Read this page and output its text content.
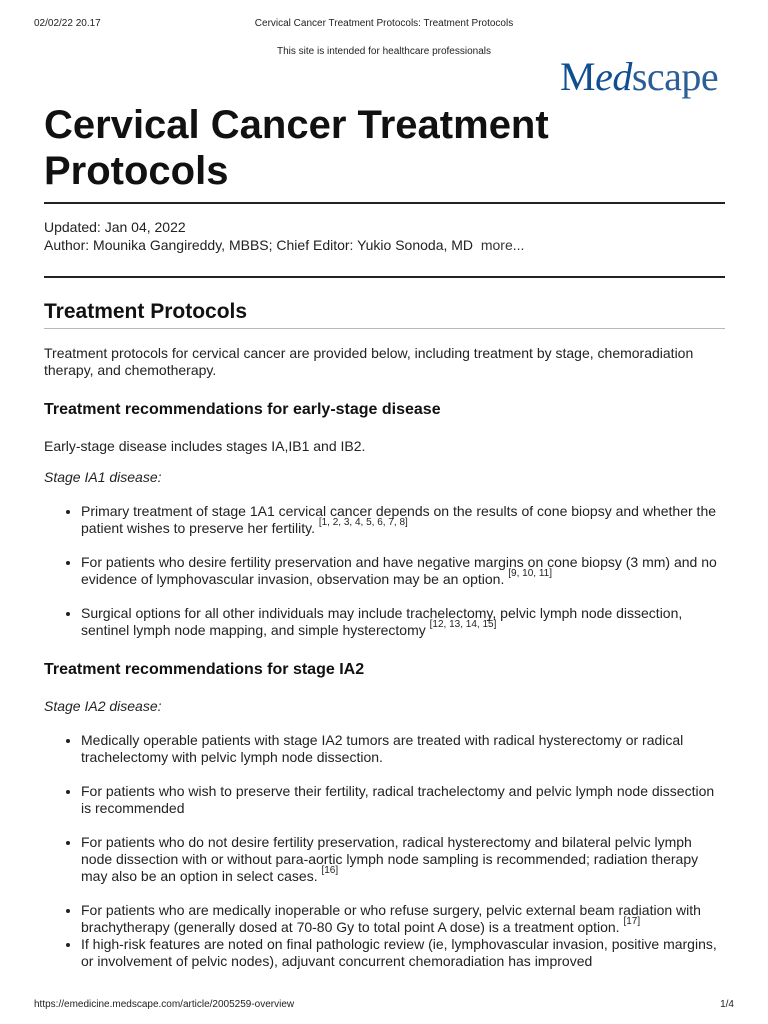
02/02/22 20.17	Cervical Cancer Treatment Protocols: Treatment Protocols
This site is intended for healthcare professionals
Medscape
Cervical Cancer Treatment Protocols
Updated: Jan 04, 2022
Author: Mounika Gangireddy, MBBS; Chief Editor: Yukio Sonoda, MD more...
Treatment Protocols

Treatment protocols for cervical cancer are provided below, including treatment by stage, chemoradiation therapy, and chemotherapy.

Treatment recommendations for early-stage disease

Early-stage disease includes stages IA,IB1 and IB2.

Stage IA1 disease:

• Primary treatment of stage 1A1 cervical cancer depends on the results of cone biopsy and whether the patient wishes to preserve her fertility. [1, 2, 3, 4, 5, 6, 7, 8]
• For patients who desire fertility preservation and have negative margins on cone biopsy (3 mm) and no evidence of lymphovascular invasion, observation may be an option. [9, 10, 11]
• Surgical options for all other individuals may include trachelectomy, pelvic lymph node dissection, sentinel lymph node mapping, and simple hysterectomy [12, 13, 14, 15]
Treatment recommendations for stage IA2

Stage IA2 disease:

• Medically operable patients with stage IA2 tumors are treated with radical hysterectomy or radical trachelectomy with pelvic lymph node dissection.
• For patients who wish to preserve their fertility, radical trachelectomy and pelvic lymph node dissection is recommended
• For patients who do not desire fertility preservation, radical hysterectomy and bilateral pelvic lymph node dissection with or without para-aortic lymph node sampling is recommended; radiation therapy may also be an option in select cases. [16]
• For patients who are medically inoperable or who refuse surgery, pelvic external beam radiation with brachytherapy (generally dosed at 70-80 Gy to total point A dose) is a treatment option. [17]
• If high-risk features are noted on final pathologic review (ie, lymphovascular invasion, positive margins, or involvement of pelvic nodes), adjuvant concurrent chemoradiation has improved
https://emedicine.medscape.com/article/2005259-overview	1/4
